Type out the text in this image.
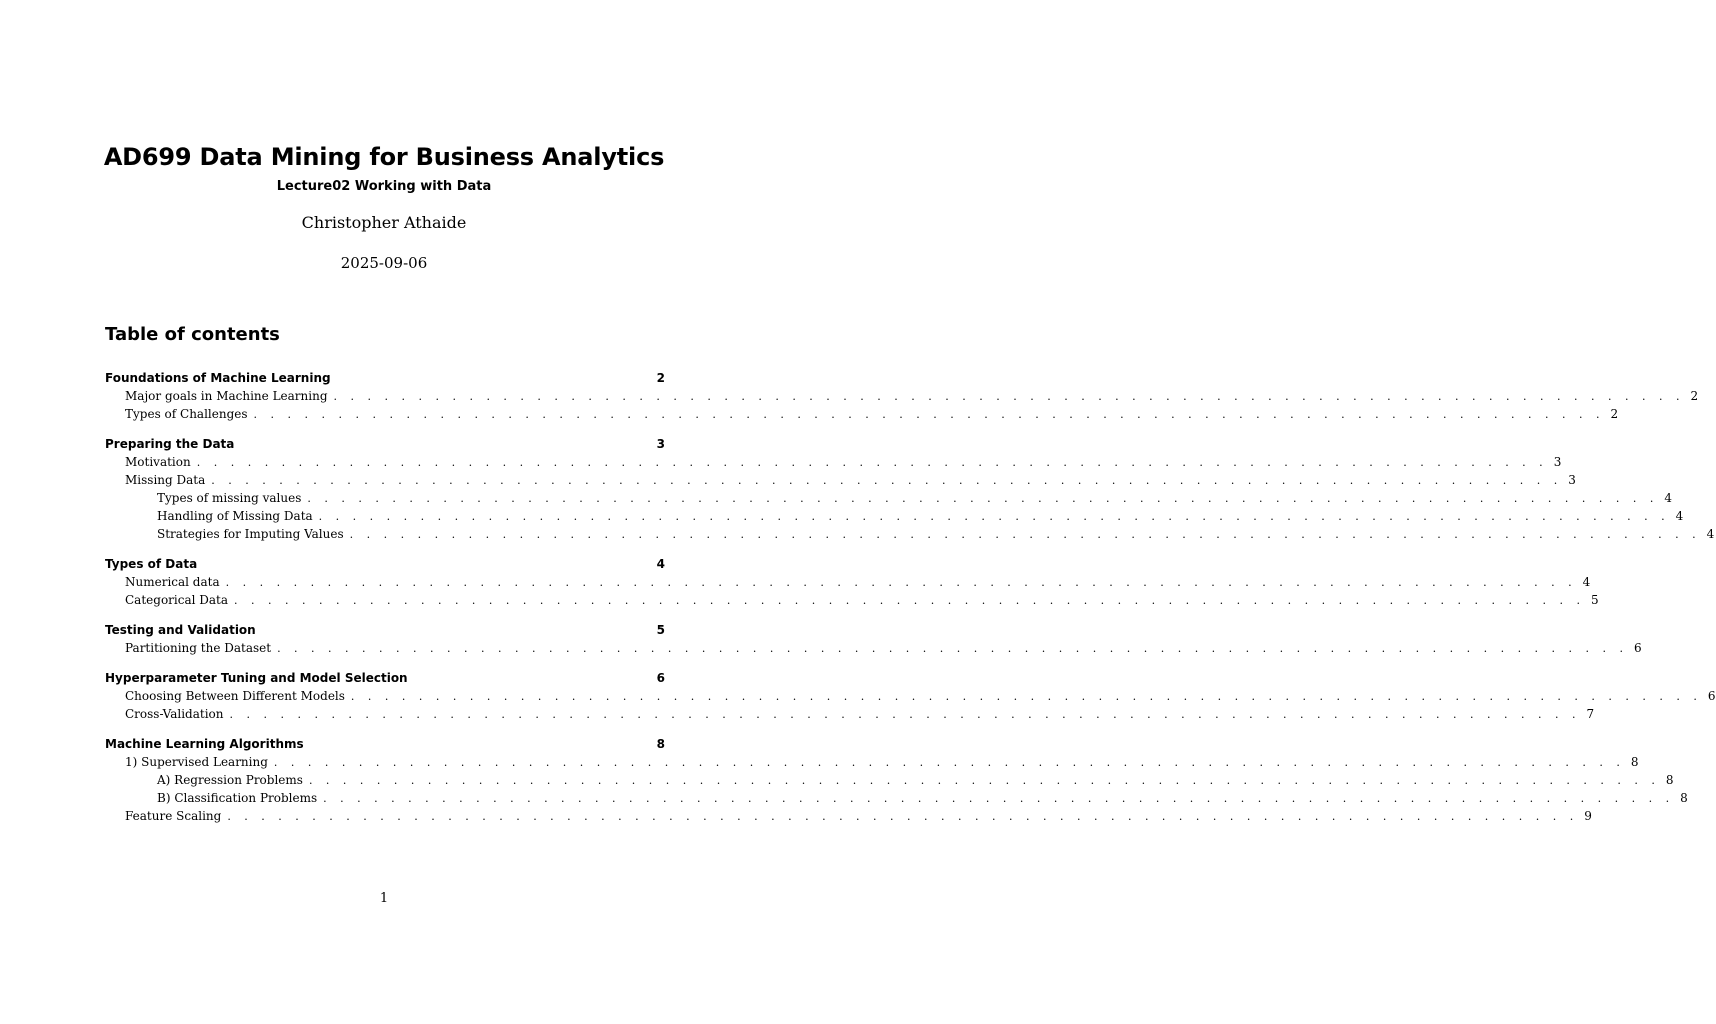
AD699 Data Mining for Business Analytics
Lecture02 Working with Data
Christopher Athaide
2025-09-06
Table of contents
Foundations of Machine Learning	2
Major goals in Machine Learning . . . . . . . . . . . . . . . . . . . . . . . . . . . . . . . . . . . . . . . . . . . . . . . . . . . . . . . . . . . . . . . . . . . . . . . . . . . . . . . . 2
Types of Challenges . . . . . . . . . . . . . . . . . . . . . . . . . . . . . . . . . . . . . . . . . . . . . . . . . . . . . . . . . . . . . . . . . . . . . . . . . . . . . . . . 2
Preparing the Data	3
Motivation . . . . . . . . . . . . . . . . . . . . . . . . . . . . . . . . . . . . . . . . . . . . . . . . . . . . . . . . . . . . . . . . . . . . . . . . . . . . . . . . 3
Missing Data . . . . . . . . . . . . . . . . . . . . . . . . . . . . . . . . . . . . . . . . . . . . . . . . . . . . . . . . . . . . . . . . . . . . . . . . . . . . . . . . 3
Types of missing values . . . . . . . . . . . . . . . . . . . . . . . . . . . . . . . . . . . . . . . . . . . . . . . . . . . . . . . . . . . . . . . . . . . . . . . . . . . . . . . . 4
Handling of Missing Data . . . . . . . . . . . . . . . . . . . . . . . . . . . . . . . . . . . . . . . . . . . . . . . . . . . . . . . . . . . . . . . . . . . . . . . . . . . . . . . . 4
Strategies for Imputing Values . . . . . . . . . . . . . . . . . . . . . . . . . . . . . . . . . . . . . . . . . . . . . . . . . . . . . . . . . . . . . . . . . . . . . . . . . . . . . . . . 4
Types of Data	4
Numerical data . . . . . . . . . . . . . . . . . . . . . . . . . . . . . . . . . . . . . . . . . . . . . . . . . . . . . . . . . . . . . . . . . . . . . . . . . . . . . . . . 4
Categorical Data . . . . . . . . . . . . . . . . . . . . . . . . . . . . . . . . . . . . . . . . . . . . . . . . . . . . . . . . . . . . . . . . . . . . . . . . . . . . . . . . 5
Testing and Validation	5
Partitioning the Dataset . . . . . . . . . . . . . . . . . . . . . . . . . . . . . . . . . . . . . . . . . . . . . . . . . . . . . . . . . . . . . . . . . . . . . . . . . . . . . . . . 6
Hyperparameter Tuning and Model Selection	6
Choosing Between Different Models . . . . . . . . . . . . . . . . . . . . . . . . . . . . . . . . . . . . . . . . . . . . . . . . . . . . . . . . . . . . . . . . . . . . . . . . . . . . . . . . 6
Cross-Validation . . . . . . . . . . . . . . . . . . . . . . . . . . . . . . . . . . . . . . . . . . . . . . . . . . . . . . . . . . . . . . . . . . . . . . . . . . . . . . . . 7
Machine Learning Algorithms	8
1) Supervised Learning . . . . . . . . . . . . . . . . . . . . . . . . . . . . . . . . . . . . . . . . . . . . . . . . . . . . . . . . . . . . . . . . . . . . . . . . . . . . . . . . 8
A) Regression Problems . . . . . . . . . . . . . . . . . . . . . . . . . . . . . . . . . . . . . . . . . . . . . . . . . . . . . . . . . . . . . . . . . . . . . . . . . . . . . . . . 8
B) Classification Problems . . . . . . . . . . . . . . . . . . . . . . . . . . . . . . . . . . . . . . . . . . . . . . . . . . . . . . . . . . . . . . . . . . . . . . . . . . . . . . . . 8
Feature Scaling . . . . . . . . . . . . . . . . . . . . . . . . . . . . . . . . . . . . . . . . . . . . . . . . . . . . . . . . . . . . . . . . . . . . . . . . . . . . . . . . 9
1
